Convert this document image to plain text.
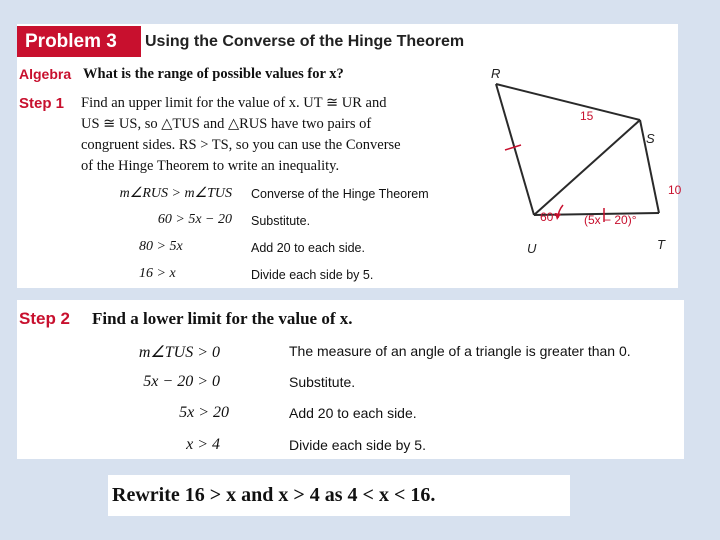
Problem 3 Using the Converse of the Hinge Theorem
Algebra What is the range of possible values for x?
Step 1 Find an upper limit for the value of x. UT ≅ UR and
US ≅ US, so △TUS and △RUS have two pairs of
congruent sides. RS > TS, so you can use the Converse
of the Hinge Theorem to write an inequality.
m∠RUS > m∠TUS Converse of the Hinge Theorem
60 > 5x − 20 Substitute.
80 > 5x	Add 20 to each side.
16 > x	Divide each side by 5.
R
S
T
U
15
10
60° (5x − 20)°
Step 2 Find a lower limit for the value of x.
m∠TUS > 0	The measure of an angle of a triangle is greater than 0.
5x − 20 > 0	Substitute.
5x > 20	Add 20 to each side.
x > 4	Divide each side by 5.
Rewrite 16 > x and x > 4 as 4 < x < 16.
